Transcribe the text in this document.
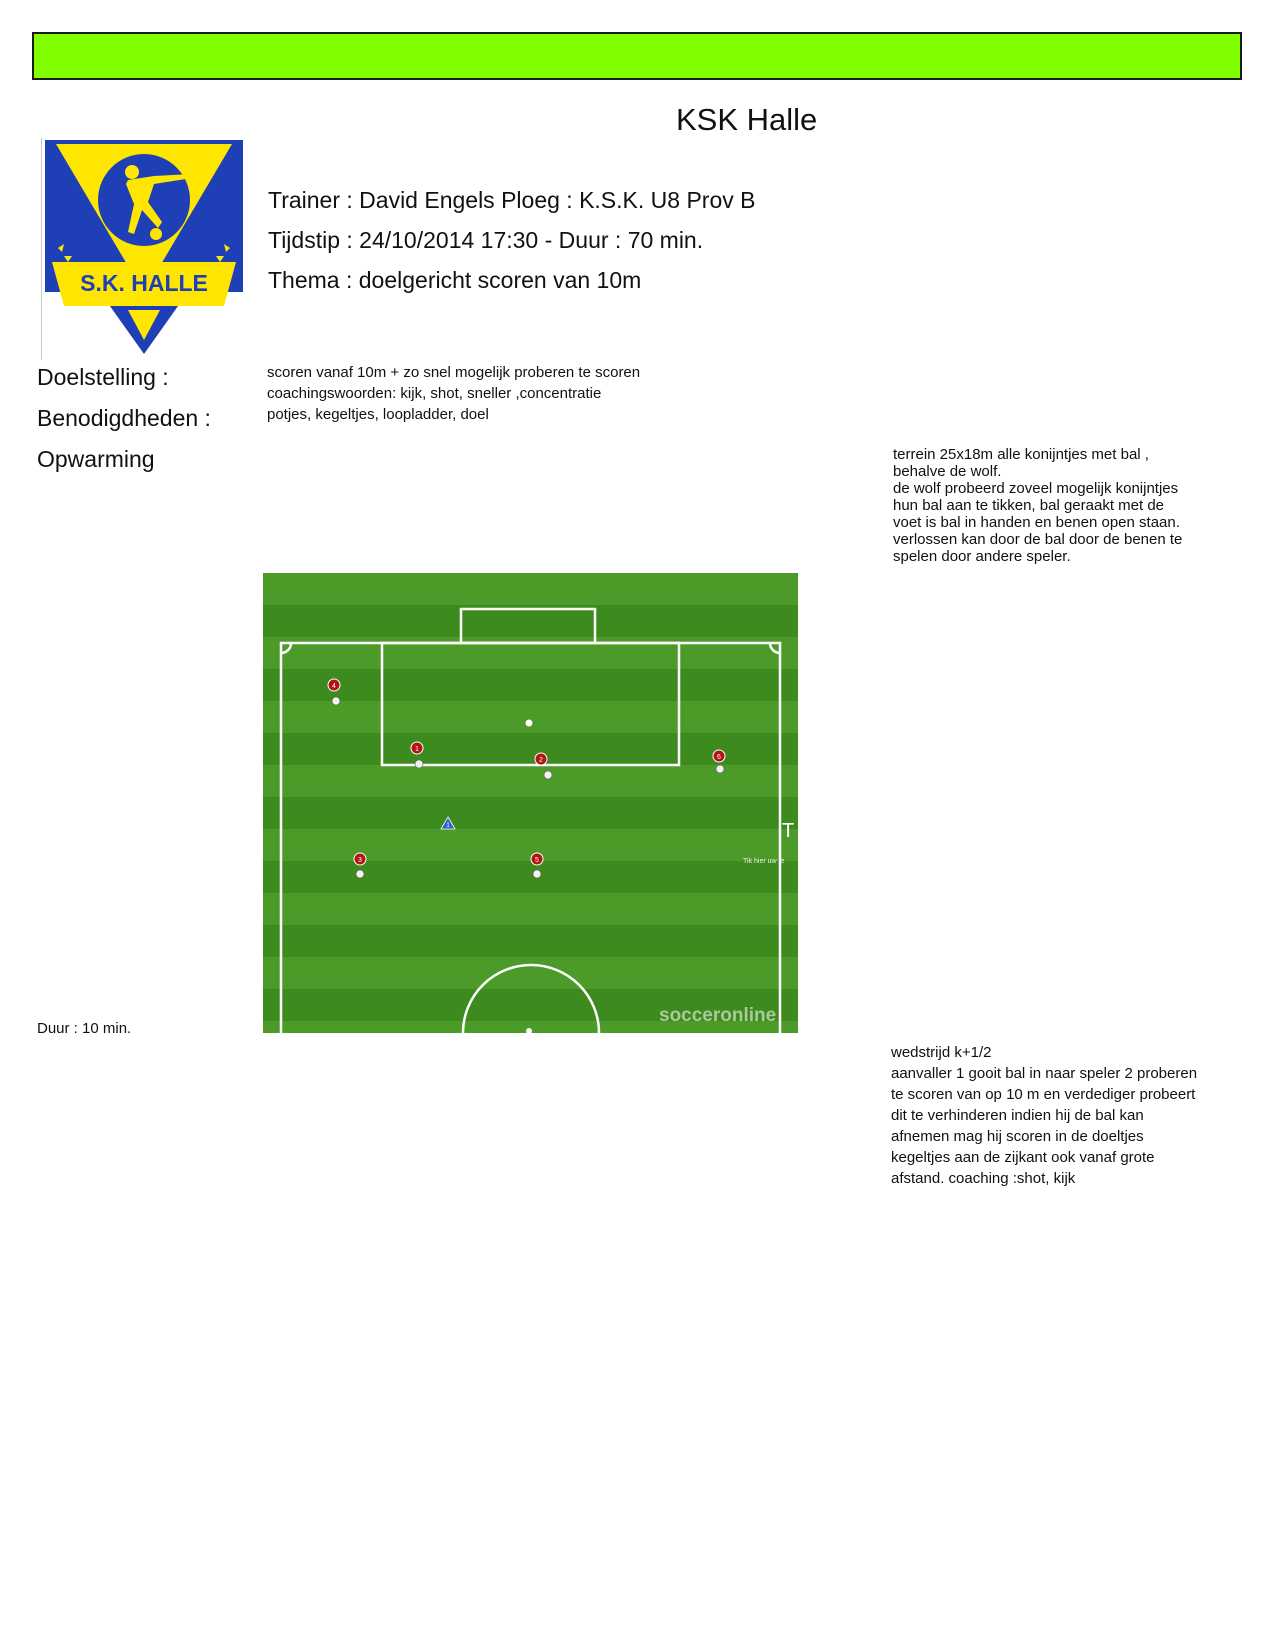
KSK Halle
S.K. HALLE
Trainer : David Engels Ploeg : K.S.K. U8 Prov B
Tijdstip : 24/10/2014 17:30 - Duur : 70 min.
Thema : doelgericht scoren van 10m
Doelstelling :
Benodigdheden :
Opwarming
scoren vanaf 10m + zo snel mogelijk proberen te scoren
coachingswoorden: kijk, shot, sneller ,concentratie
potjes, kegeltjes, loopladder, doel
terrein 25x18m alle konijntjes met bal ,
behalve de wolf.
de wolf probeerd zoveel mogelijk konijntjes
hun bal aan te tikken, bal geraakt met de
voet is bal in handen en benen open staan.
verlossen kan door de bal door de benen te
spelen door andere speler.
Duur : 10 min.
wedstrijd k+1/2
aanvaller 1 gooit bal in naar speler 2 proberen
te scoren van op 10 m en verdediger probeert
dit te verhinderen indien hij de bal kan
afnemen mag hij scoren in de doeltjes
kegeltjes aan de zijkant ook vanaf grote
afstand. coaching :shot, kijk
4
1
2	6
3	5
1	T
Tik hier uw te
socceronline
